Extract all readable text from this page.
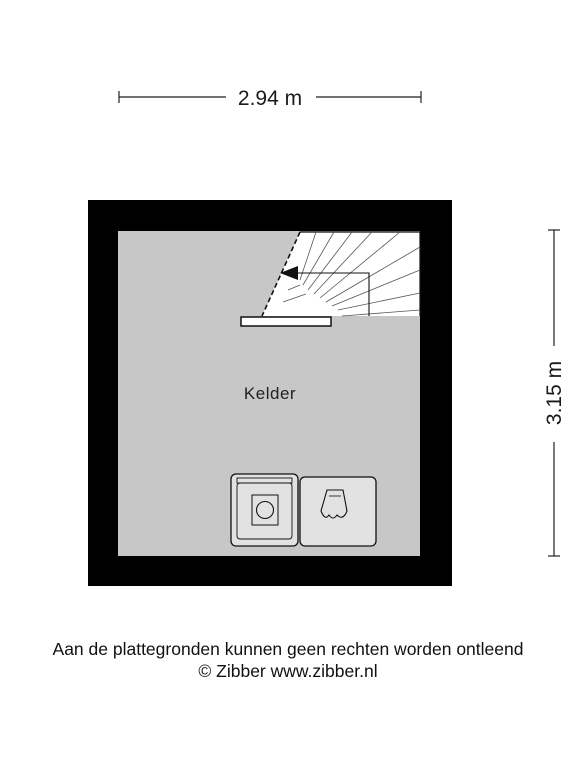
2.94 m
3.15 m
Kelder
Aan de plattegronden kunnen geen rechten worden ontleend
© Zibber www.zibber.nl
